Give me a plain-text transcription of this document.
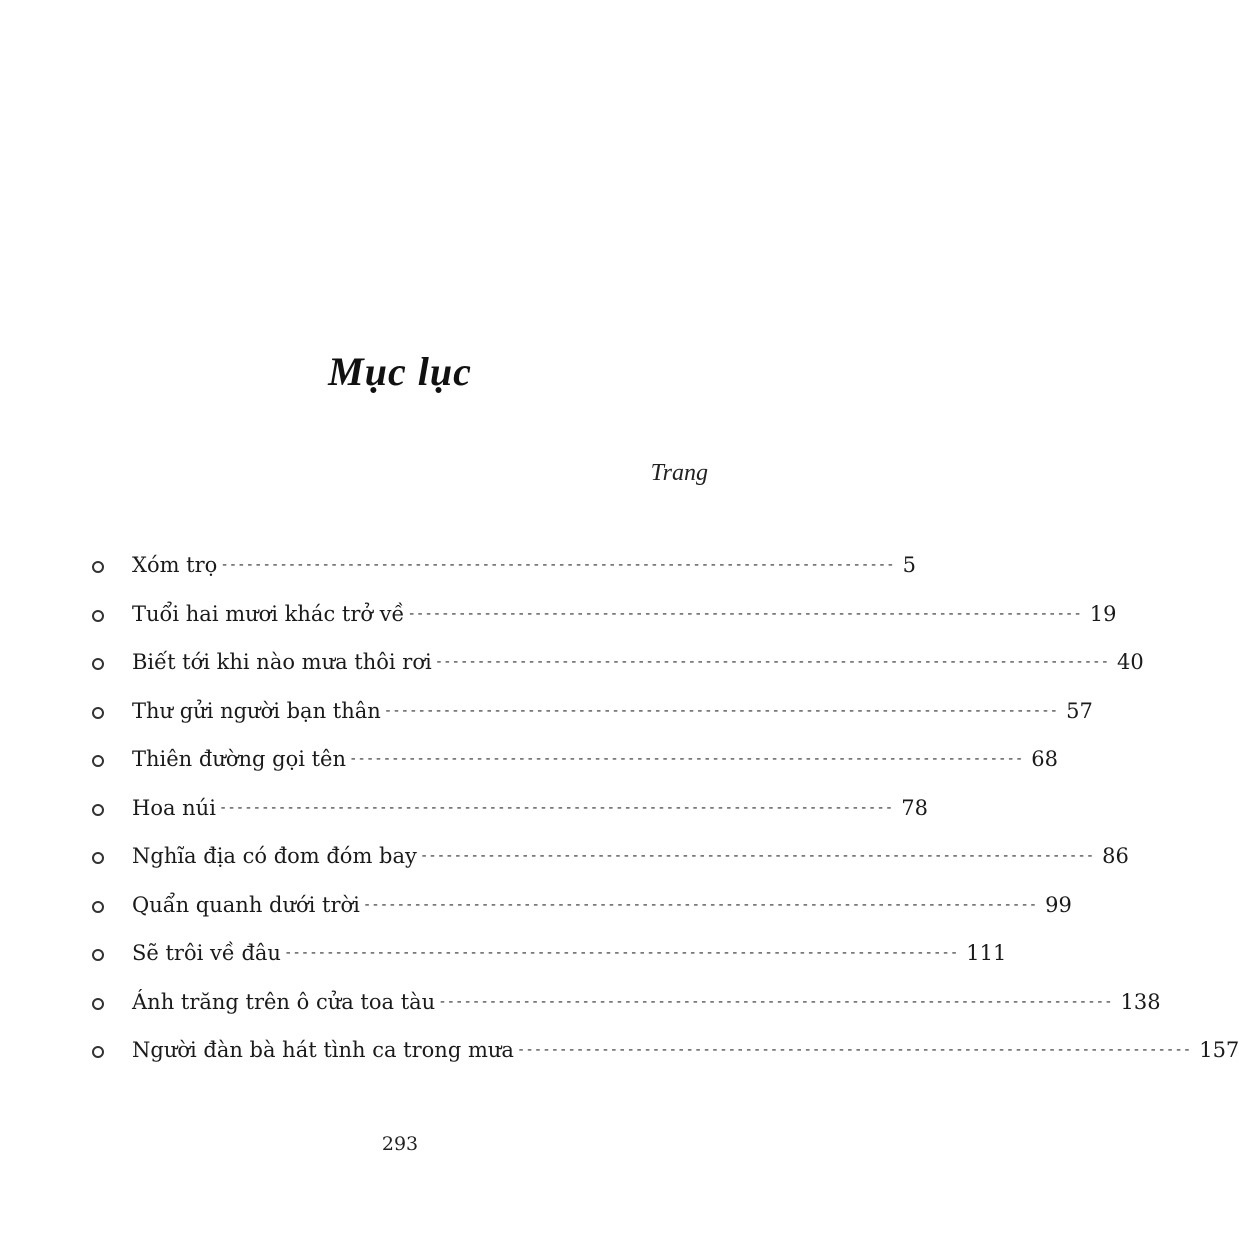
Mục lục
Trang
Xóm trọ -------------------------------------------------------------------------------- 5
Tuổi hai mươi khác trở về -------------------------------------------------------------------------------- 19
Biết tới khi nào mưa thôi rơi -------------------------------------------------------------------------------- 40
Thư gửi người bạn thân -------------------------------------------------------------------------------- 57
Thiên đường gọi tên -------------------------------------------------------------------------------- 68
Hoa núi -------------------------------------------------------------------------------- 78
Nghĩa địa có đom đóm bay -------------------------------------------------------------------------------- 86
Quẩn quanh dưới trời -------------------------------------------------------------------------------- 99
Sẽ trôi về đâu -------------------------------------------------------------------------------- 111
Ánh trăng trên ô cửa toa tàu -------------------------------------------------------------------------------- 138
Người đàn bà hát tình ca trong mưa -------------------------------------------------------------------------------- 157
293
